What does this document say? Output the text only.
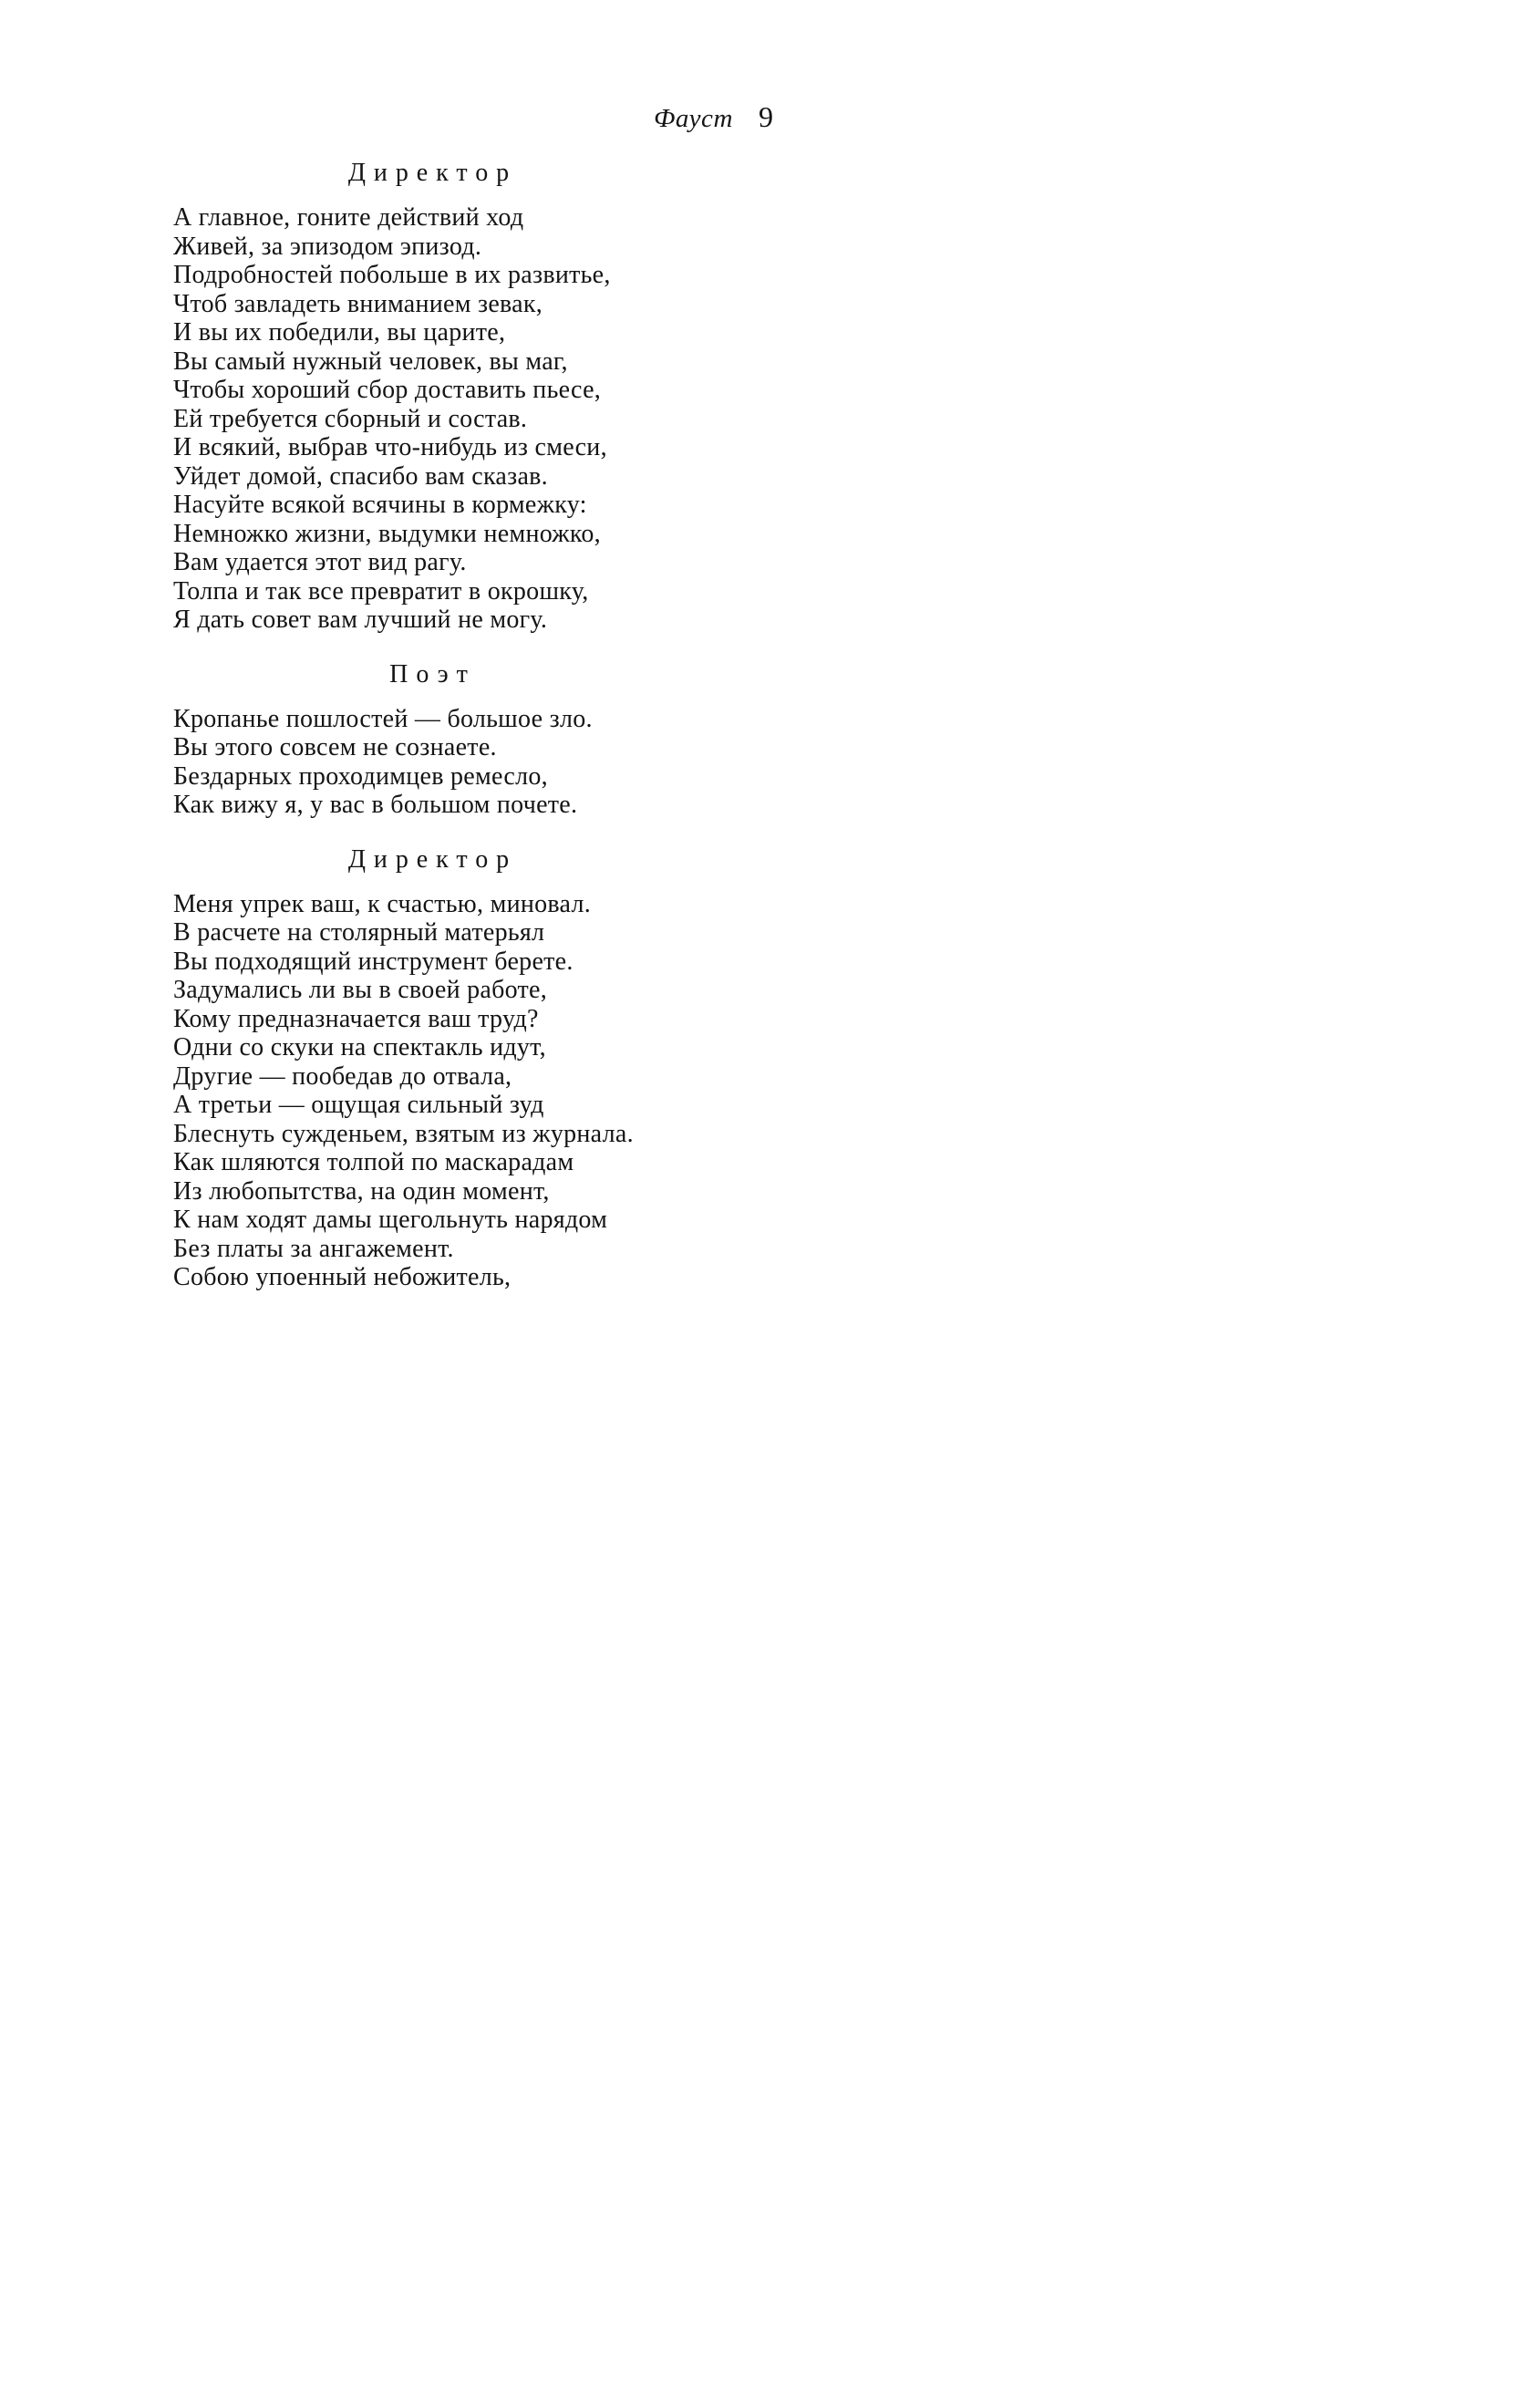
Фауст 9
Директор
А главное, гоните действий ход
Живей, за эпизодом эпизод.
Подробностей побольше в их развитье,
Чтоб завладеть вниманием зевак,
И вы их победили, вы царите,
Вы самый нужный человек, вы маг,
Чтобы хороший сбор доставить пьесе,
Ей требуется сборный и состав.
И всякий, выбрав что-нибудь из смеси,
Уйдет домой, спасибо вам сказав.
Насуйте всякой всячины в кормежку:
Немножко жизни, выдумки немножко,
Вам удается этот вид рагу.
Толпа и так все превратит в окрошку,
Я дать совет вам лучший не могу.
Поэт
Кропанье пошлостей — большое зло.
Вы этого совсем не сознаете.
Бездарных проходимцев ремесло,
Как вижу я, у вас в большом почете.
Директор
Меня упрек ваш, к счастью, миновал.
В расчете на столярный матерьял
Вы подходящий инструмент берете.
Задумались ли вы в своей работе,
Кому предназначается ваш труд?
Одни со скуки на спектакль идут,
Другие — пообедав до отвала,
А третьи — ощущая сильный зуд
Блеснуть сужденьем, взятым из журнала.
Как шляются толпой по маскарадам
Из любопытства, на один момент,
К нам ходят дамы щегольнуть нарядом
Без платы за ангажемент.
Собою упоенный небожитель,
